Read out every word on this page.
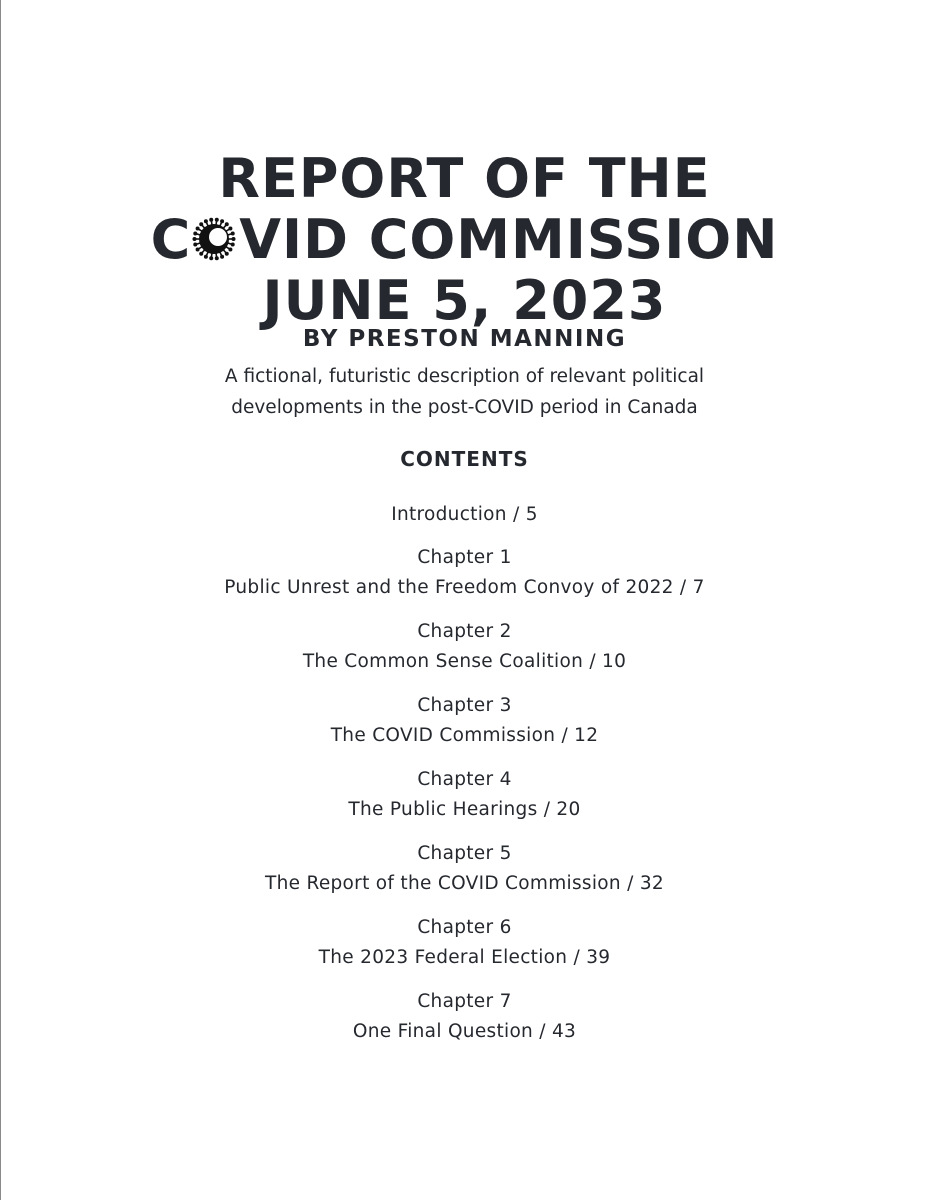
REPORT OF THE
C VID COMMISSION
JUNE 5, 2023
BY PRESTON MANNING
A fictional, futuristic description of relevant political
developments in the post-COVID period in Canada
CONTENTS
Introduction / 5
Chapter 1
Public Unrest and the Freedom Convoy of 2022 / 7
Chapter 2
The Common Sense Coalition / 10
Chapter 3
The COVID Commission / 12
Chapter 4
The Public Hearings / 20
Chapter 5
The Report of the COVID Commission / 32
Chapter 6
The 2023 Federal Election / 39
Chapter 7
One Final Question / 43
